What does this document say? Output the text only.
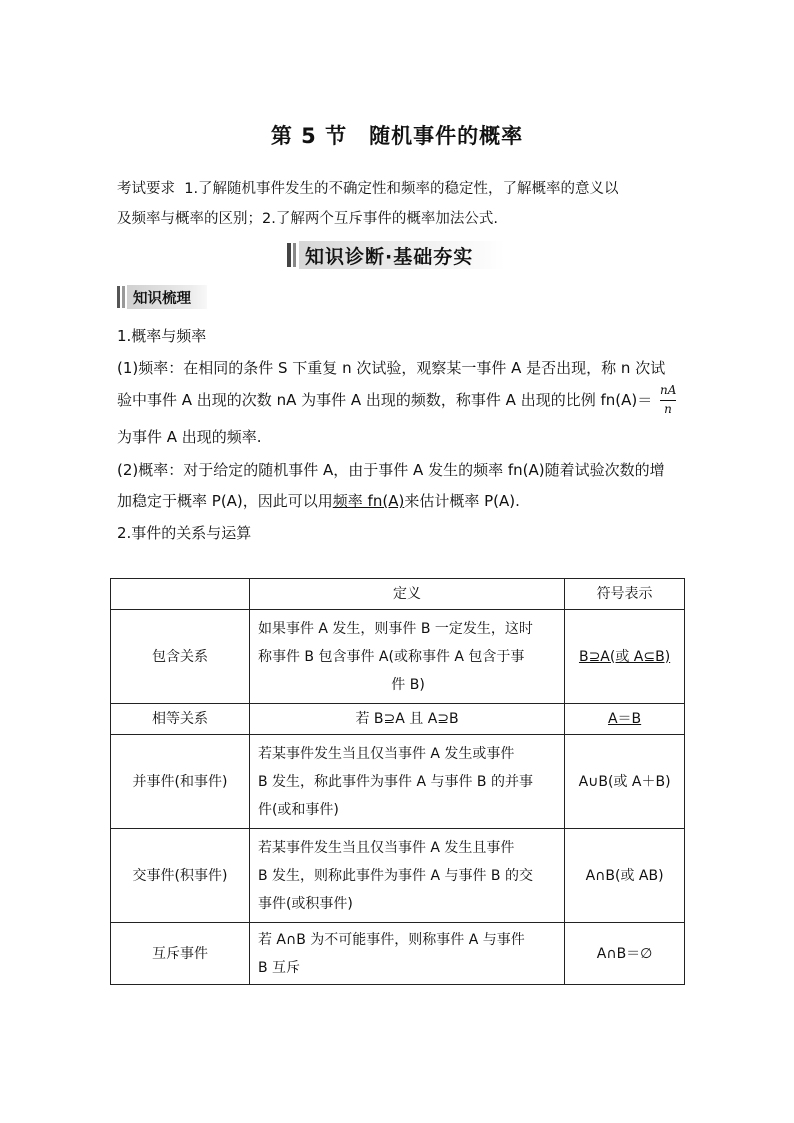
第 5 节　随机事件的概率
考试要求 1.了解随机事件发生的不确定性和频率的稳定性，了解概率的意义以
及频率与概率的区别；2.了解两个互斥事件的概率加法公式.
知识诊断·基础夯实
知识梳理
1.概率与频率
(1)频率：在相同的条件 S 下重复 n 次试验，观察某一事件 A 是否出现，称 n 次试
验中事件 A 出现的次数 nA 为事件 A 出现的频数，称事件 A 出现的比例 fn(A)＝
nA
n
为事件 A 出现的频率.
(2)概率：对于给定的随机事件 A，由于事件 A 发生的频率 fn(A)随着试验次数的增
加稳定于概率 P(A)，因此可以用频率 fn(A)来估计概率 P(A).
2.事件的关系与运算
	定义	符号表示
包含关系	如果事件 A 发生，则事件 B 一定发生，这时
称事件 B 包含事件 A(或称事件 A 包含于事
件 B)	B⊇A(或 A⊆B)
相等关系	若 B⊇A 且 A⊇B	A＝B
并事件(和事件)	若某事件发生当且仅当事件 A 发生或事件
B 发生，称此事件为事件 A 与事件 B 的并事
件(或和事件)	A∪B(或 A＋B)
交事件(积事件)	若某事件发生当且仅当事件 A 发生且事件
B 发生，则称此事件为事件 A 与事件 B 的交
事件(或积事件)	A∩B(或 AB)
互斥事件	若 A∩B 为不可能事件，则称事件 A 与事件
B 互斥	A∩B＝∅
